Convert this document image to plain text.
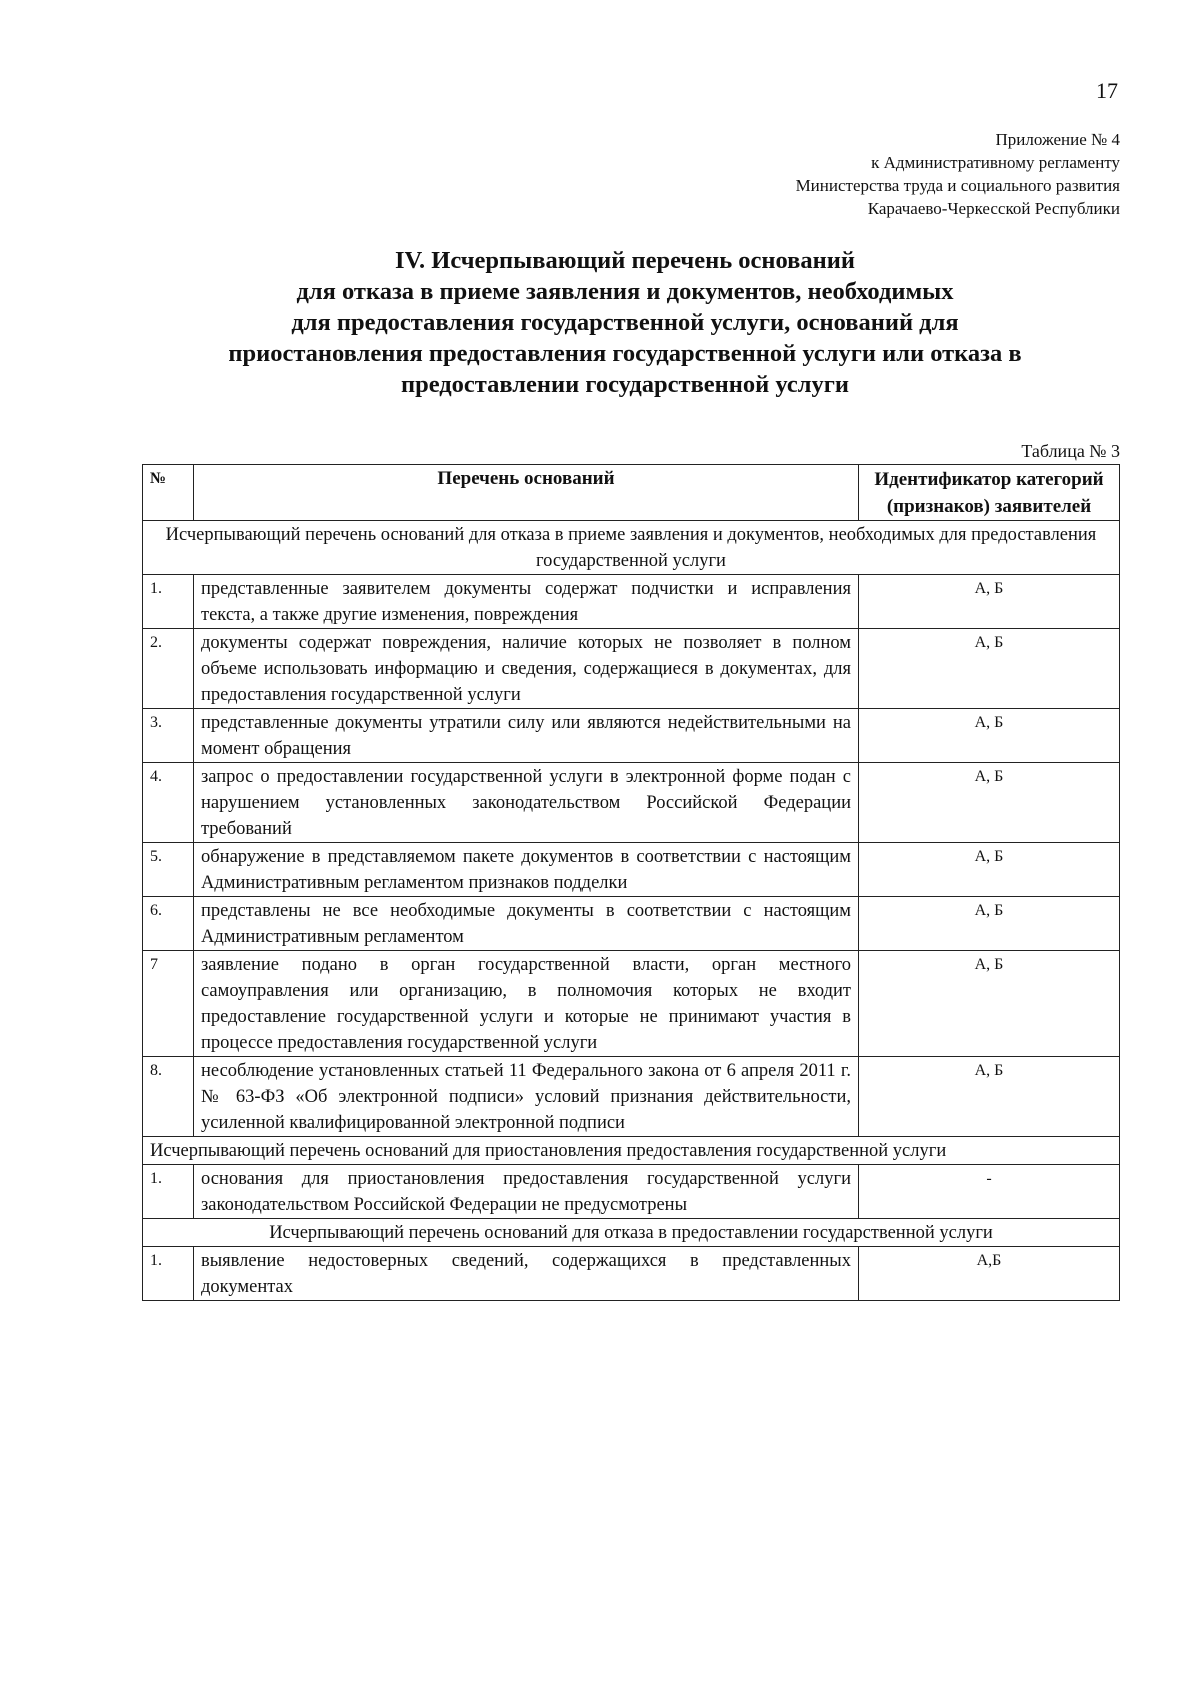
17
Приложение № 4
к Административному регламенту
Министерства труда и социального развития
Карачаево-Черкесской Республики
IV. Исчерпывающий перечень оснований
для отказа в приеме заявления и документов, необходимых
для предоставления государственной услуги, оснований для
приостановления предоставления государственной услуги или отказа в
предоставлении государственной услуги
Таблица № 3
№	Перечень оснований	Идентификатор категорий (признаков) заявителей
Исчерпывающий перечень оснований для отказа в приеме заявления и документов, необходимых для предоставления государственной услуги		
1.	представленные заявителем документы содержат подчистки и исправления текста, а также другие изменения, повреждения	А, Б
2.	документы содержат повреждения, наличие которых не позволяет в полном объеме использовать информацию и сведения, содержащиеся в документах, для предоставления государственной услуги	А, Б
3.	представленные документы утратили силу или являются недействительными на момент обращения	А, Б
4.	запрос о предоставлении государственной услуги в электронной форме подан с нарушением установленных законодательством Российской Федерации требований	А, Б
5.	обнаружение в представляемом пакете документов в соответствии с настоящим Административным регламентом признаков подделки	А, Б
6.	представлены не все необходимые документы в соответствии с настоящим Административным регламентом	А, Б
7	заявление подано в орган государственной власти, орган местного самоуправления или организацию, в полномочия которых не входит предоставление государственной услуги и которые не принимают участия в процессе предоставления государственной услуги	А, Б
8.	несоблюдение установленных статьей 11 Федерального закона от 6 апреля 2011 г. № 63-ФЗ «Об электронной подписи» условий признания действительности, усиленной квалифицированной электронной подписи	А, Б
Исчерпывающий перечень оснований для приостановления предоставления государственной услуги		
1.	основания для приостановления предоставления государственной услуги законодательством Российской Федерации не предусмотрены	-
Исчерпывающий перечень оснований для отказа в предоставлении государственной услуги		
1.	выявление недостоверных сведений, содержащихся в представленных документах	А,Б
